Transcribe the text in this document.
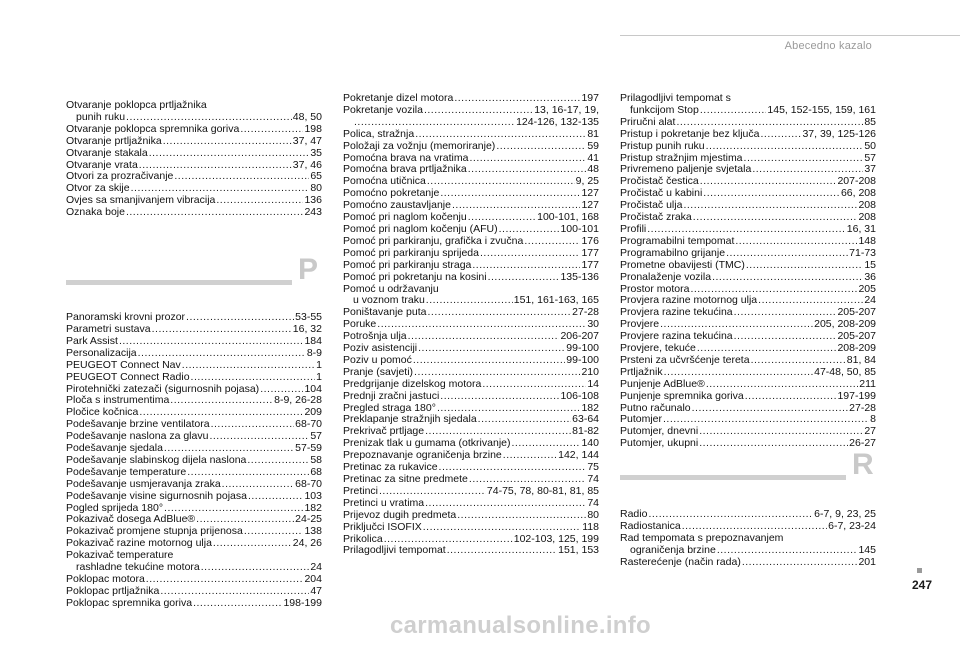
Abecedno kazalo
Otvaranje poklopca prtljažnika
punih ruku .....	48, 50
Otvaranje poklopca spremnika goriva .....	198
Otvaranje prtljažnika .....	37, 47
Otvaranje stakala .....	35
Otvaranje vrata .....	37, 46
Otvori za prozračivanje .....	65
Otvor za skije .....	80
Ovjes sa smanjivanjem vibracija .....	136
Oznaka boje .....	243
P
Panoramski krovni prozor .....	53-55
Parametri sustava .....	16, 32
Park Assist .....	184
Personalizacija .....	8-9
PEUGEOT Connect Nav .....	1
PEUGEOT Connect Radio .....	1
Pirotehnički zatezači (sigurnosnih pojasa) .....	104
Ploča s instrumentima .....	8-9, 26-28
Pločice kočnica .....	209
Podešavanje brzine ventilatora .....	68-70
Podešavanje naslona za glavu .....	57
Podešavanje sjedala .....	57-59
Podešavanje slabinskog dijela naslona .....	58
Podešavanje temperature .....	68
Podešavanje usmjeravanja zraka .....	68-70
Podešavanje visine sigurnosnih pojasa .....	103
Pogled sprijeda 180° .....	182
Pokazivač dosega AdBlue® .....	24-25
Pokazivač promjene stupnja prijenosa .....	138
Pokazivač razine motornog ulja .....	24, 26
Pokazivač temperature
rashladne tekućine motora .....	24
Poklopac motora .....	204
Poklopac prtljažnika .....	47
Poklopac spremnika goriva .....	198-199
Pokretanje dizel motora .....	197
Pokretanje vozila .....	13, 16-17, 19,
.....
124-126, 132-135
Polica, stražnja .....	81
Položaji za vožnju (memoriranje) .....	59
Pomoćna brava na vratima .....	41
Pomoćna brava prtljažnika .....	48
Pomoćna utičnica .....	9, 25
Pomoćno pokretanje .....	127
Pomoćno zaustavljanje .....	127
Pomoć pri naglom kočenju .....	100-101, 168
Pomoć pri naglom kočenju (AFU) .....	100-101
Pomoć pri parkiranju, grafička i zvučna .....	176
Pomoć pri parkiranju sprijeda .....	177
Pomoć pri parkiranju straga .....	177
Pomoć pri pokretanju na kosini .....	135-136
Pomoć u održavanju
u voznom traku .....	151, 161-163, 165
Poništavanje puta .....	27-28
Poruke .....	30
Potrošnja ulja .....	206-207
Poziv asistenciji .....	99-100
Poziv u pomoć .....	99-100
Pranje (savjeti) .....	210
Predgrijanje dizelskog motora .....	14
Prednji zračni jastuci .....	106-108
Pregled straga 180° .....	182
Preklapanje stražnjih sjedala .....	63-64
Prekrivač prtljage .....	81-82
Prenizak tlak u gumama (otkrivanje) .....	140
Prepoznavanje ograničenja brzine .....	142, 144
Pretinac za rukavice .....	75
Pretinac za sitne predmete .....	74
Pretinci .....	74-75, 78, 80-81, 81, 85
Pretinci u vratima .....	74
Prijevoz dugih predmeta .....	80
Priključci ISOFIX .....	118
Prikolica .....	102-103, 125, 199
Prilagodljivi tempomat .....	151, 153
Prilagodljivi tempomat s
funkcijom Stop .....	145, 152-155, 159, 161
Priručni alat .....	85
Pristup i pokretanje bez ključa .....	37, 39, 125-126
Pristup punih ruku .....	50
Pristup stražnjim mjestima .....	57
Privremeno paljenje svjetala .....	37
Pročistač čestica .....	207-208
Pročistač u kabini .....	66, 208
Pročistač ulja .....	208
Pročistač zraka .....	208
Profili .....	16, 31
Programabilni tempomat .....	148
Programabilno grijanje .....	71-73
Prometne obavijesti (TMC) .....	15
Pronalaženje vozila .....	36
Prostor motora .....	205
Provjera razine motornog ulja .....	24
Provjera razine tekućina .....	205-207
Provjere .....	205, 208-209
Provjere razina tekućina .....	205-207
Provjere, tekuće .....	208-209
Prsteni za učvršćenje tereta .....	81, 84
Prtljažnik .....	47-48, 50, 85
Punjenje AdBlue® .....	211
Punjenje spremnika goriva .....	197-199
Putno računalo .....	27-28
Putomjer .....	8
Putomjer, dnevni .....	27
Putomjer, ukupni .....	26-27
R
Radio .....	6-7, 9, 23, 25
Radiostanica .....	6-7, 23-24
Rad tempomata s prepoznavanjem
ograničenja brzine .....	145
Rasterećenje (način rada) .....	201
247
carmanualsonline.info
